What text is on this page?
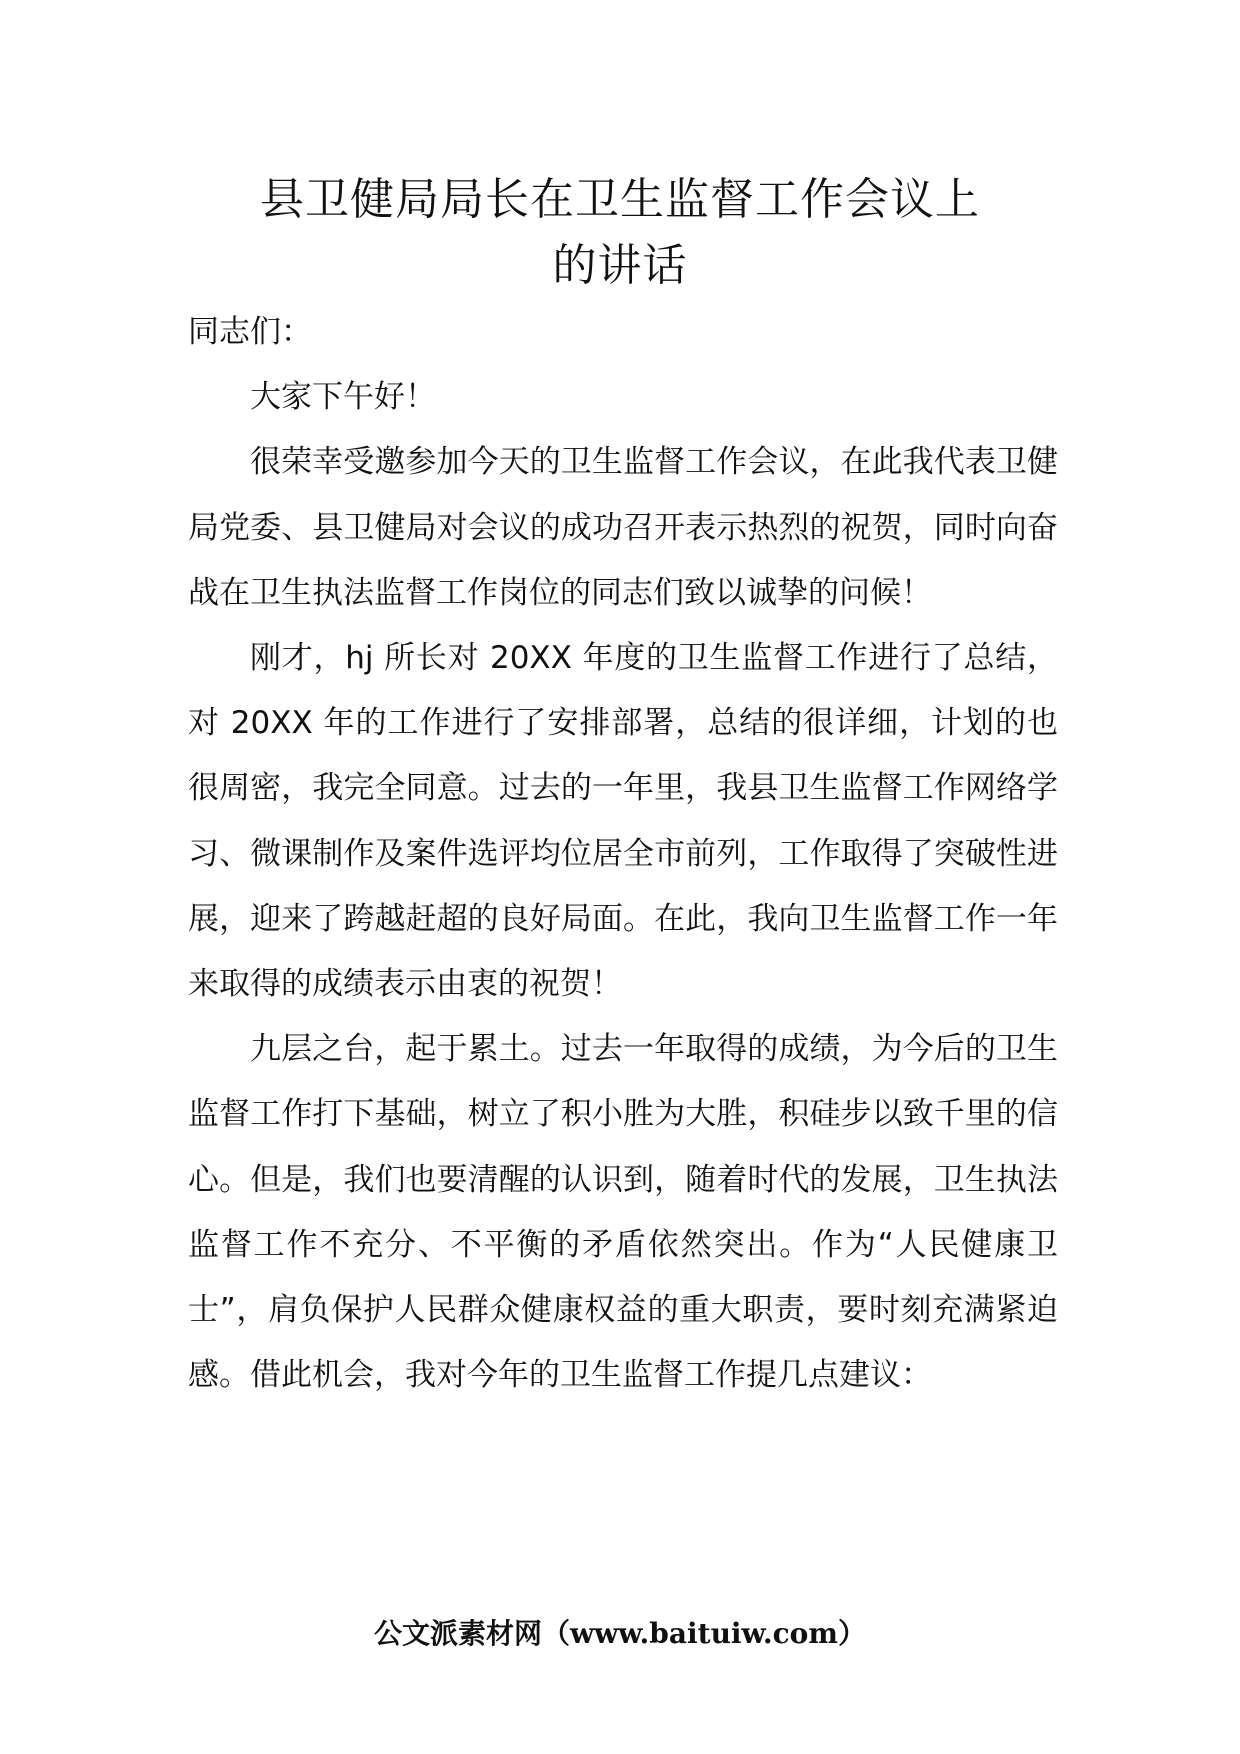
县卫健局局长在卫生监督工作会议上
的讲话

同志们：

大家下午好！

很荣幸受邀参加今天的卫生监督工作会议，在此我代表卫健局党委、县卫健局对会议的成功召开表示热烈的祝贺，同时向奋战在卫生执法监督工作岗位的同志们致以诚挚的问候！

刚才，hj 所长对 20XX 年度的卫生监督工作进行了总结，对 20XX 年的工作进行了安排部署，总结的很详细，计划的也很周密，我完全同意。过去的一年里，我县卫生监督工作网络学习、微课制作及案件选评均位居全市前列，工作取得了突破性进展，迎来了跨越赶超的良好局面。在此，我向卫生监督工作一年来取得的成绩表示由衷的祝贺！

九层之台，起于累土。过去一年取得的成绩，为今后的卫生监督工作打下基础，树立了积小胜为大胜，积硅步以致千里的信心。但是，我们也要清醒的认识到，随着时代的发展，卫生执法监督工作不充分、不平衡的矛盾依然突出。作为“人民健康卫士”，肩负保护人民群众健康权益的重大职责，要时刻充满紧迫感。借此机会，我对今年的卫生监督工作提几点建议：

公文派素材网（www.baituiw.com）
